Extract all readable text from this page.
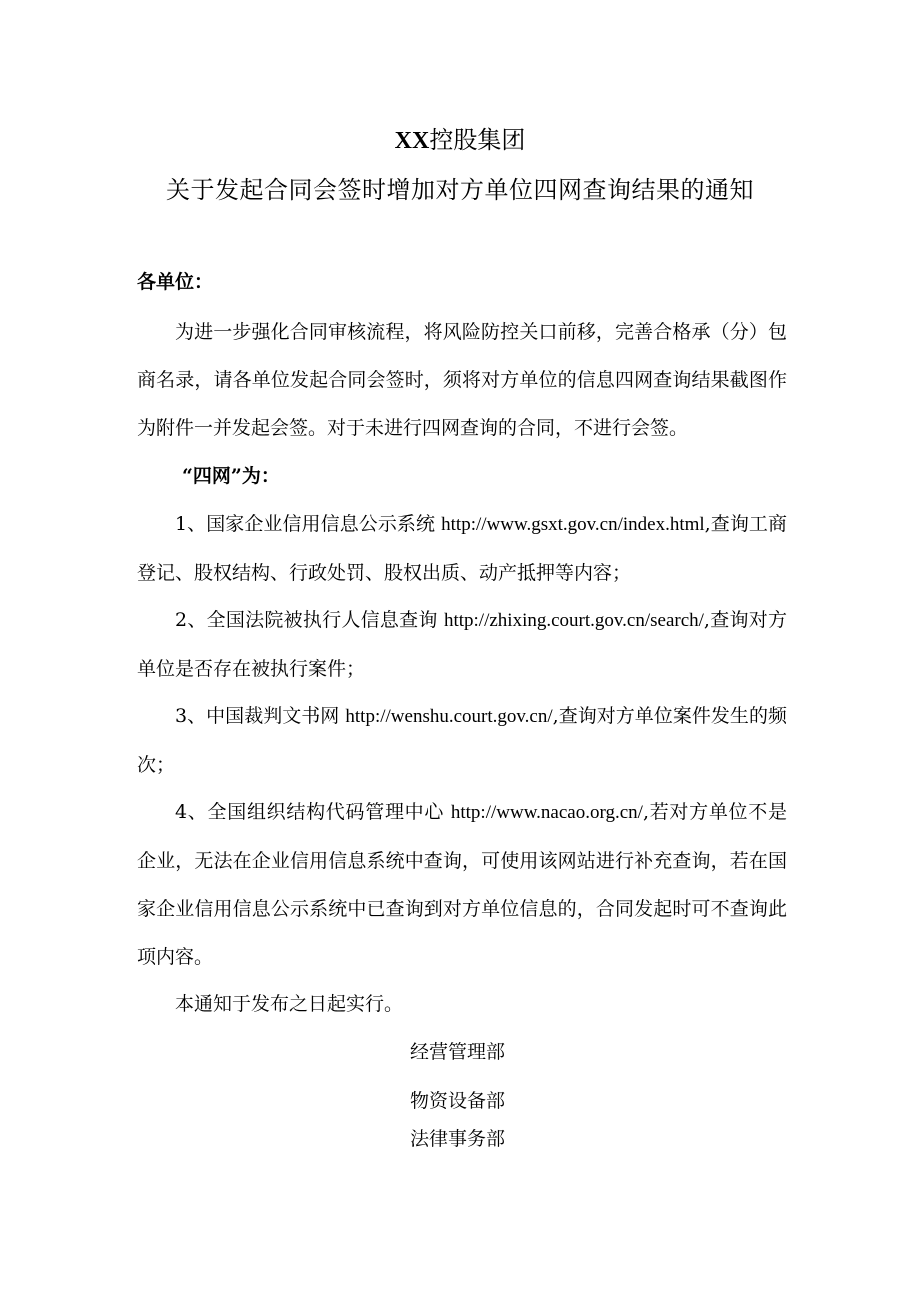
XX控股集团
关于发起合同会签时增加对方单位四网查询结果的通知
各单位：
为进一步强化合同审核流程，将风险防控关口前移，完善合格承（分）包商名录，请各单位发起合同会签时，须将对方单位的信息四网查询结果截图作为附件一并发起会签。对于未进行四网查询的合同，不进行会签。
“四网”为：
1、国家企业信用信息公示系统 http://www.gsxt.gov.cn/index.html,查询工商登记、股权结构、行政处罚、股权出质、动产抵押等内容；
2、全国法院被执行人信息查询 http://zhixing.court.gov.cn/search/,查询对方单位是否存在被执行案件；
3、中国裁判文书网 http://wenshu.court.gov.cn/,查询对方单位案件发生的频次；
4、全国组织结构代码管理中心 http://www.nacao.org.cn/,若对方单位不是企业，无法在企业信用信息系统中查询，可使用该网站进行补充查询，若在国家企业信用信息公示系统中已查询到对方单位信息的，合同发起时可不查询此项内容。
本通知于发布之日起实行。
经营管理部
物资设备部
法律事务部
